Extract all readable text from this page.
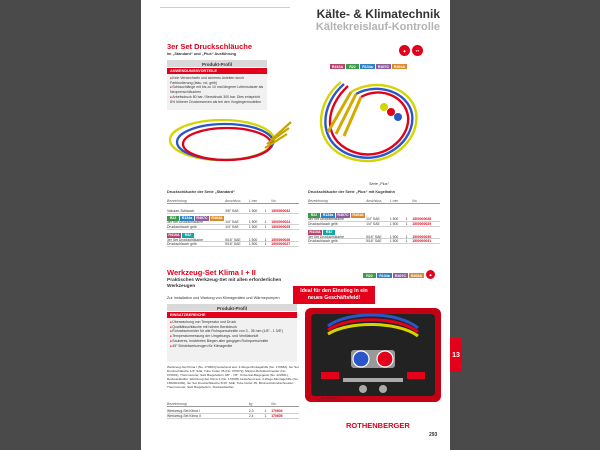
Kälte- & Klimatechnik
Kältekreislauf-Kontrolle
3er Set Druckschläuche
im „Standard“ und „Plus“ Ausführung
◆	TT
Produkt-Profil
ANWENDUNGSVORTEILE
■ Kein Verwechseln und sicheres Anleiten durch Farbkodierung (blau, rot, gelb)
■ Schlauchlänge mit bis zu 10 mal längerer Lebensdauer als Neoprenschläuchen
■ Arbeitsdruck 80 bar / Berstdruck 300 bar. Dies entspricht 8% höherer Druckreserven als bei den Vorgängermodellen
R410A	R22	R134a	R407C	R404A
Serie „Plus“
Druckschläuche der Serie „Standard“
Bezeichnung	Anschluss	L mm	No.
Vakuum-Schlauch	3/8" SAE	1 500	1	1500000032
R22	R134a	R407C	R404A
3er Set Druckschläuche	1/4" SAE	1 500	1	1500000024
Druckschlauch gelb	1/4" SAE	1 500	1	1500000025
R410A	R32
3er Set Druckschläuche	5/16" SAE	1 500	1	1500000026
Druckschlauch gelb	5/16" SAE	1 500	1	1500000027
Druckschläuche der Serie „Plus“ mit Kugelhahn
Bezeichnung	Anschluss	L mm	No.
R22	R134a	R407C	R404A
3er Set Druckschläuche	1/4" SAE	1 500	1	1500000028
Druckschlauch gelb	1/4" SAE	1 500	1	1500000029
R410A	R32
3er Set Druckschläuche	5/16" SAE	1 500	1	1500000030
Druckschlauch gelb	5/16" SAE	1 500	1	1500000031
Werkzeug-Set Klima I + II	R22	R134a	R407C	R404A	◆
Praktisches Werkzeug-Set mit allen erforderlichen Werkzeugen
Zur Installation und Wartung von Klimageräten und Wärmepumpen
Produkt-Profil
EINSATZBEREICHE
■ Überwachung von Temperatur und Druck
■ Qualitätsschläuche mit hohem Berstdruck
■ Rohrabschneider für alle Rohrquerschnitte von 3 - 35 mm (1/8" - 1 3/8")
■ Temperaturmessung der Umgebungs- und Ventilatorluft
■ Sauberes, knickfreies Biegen aller gängigen Rohrquerschnitte
■ 45° Bördelwerkzeugen für Klimageräte
Werkzeug-Set Klima I (No. 170604) bestehend aus: 4-Wege-Montagehilfe (No. 170682), 3er Set Druckschläuche 1/4" SAE, Tube Cutter 35 (No. 070672), Minicut-Rohrabschneider (No. 070601), Thermometer, Satz Biegefedern 3/8" - 7/8", Universal-Biegegerät (No. 222601), Rucksackkoffer. Werkzeug-Set Klima II (No. 170605) bestehend aus: 4-Wege-Montagehilfe (No. 1500001430), 3er Set Druckschläuche 5/16" SAE, Tube Cutter 35, Minicut-Rohrabschneider, Thermometer, Satz Biegefedern, Rucksackkoffer.
Bezeichnung	kg	No.
Werkzeug-Set Klima I	2,3	1	170604
Werkzeug-Set Klima II	2,4	1	170605
Ideal für den Einstieg in ein neues Geschäftsfeld!
No. 170604
ROTHENBERGER
293
13
